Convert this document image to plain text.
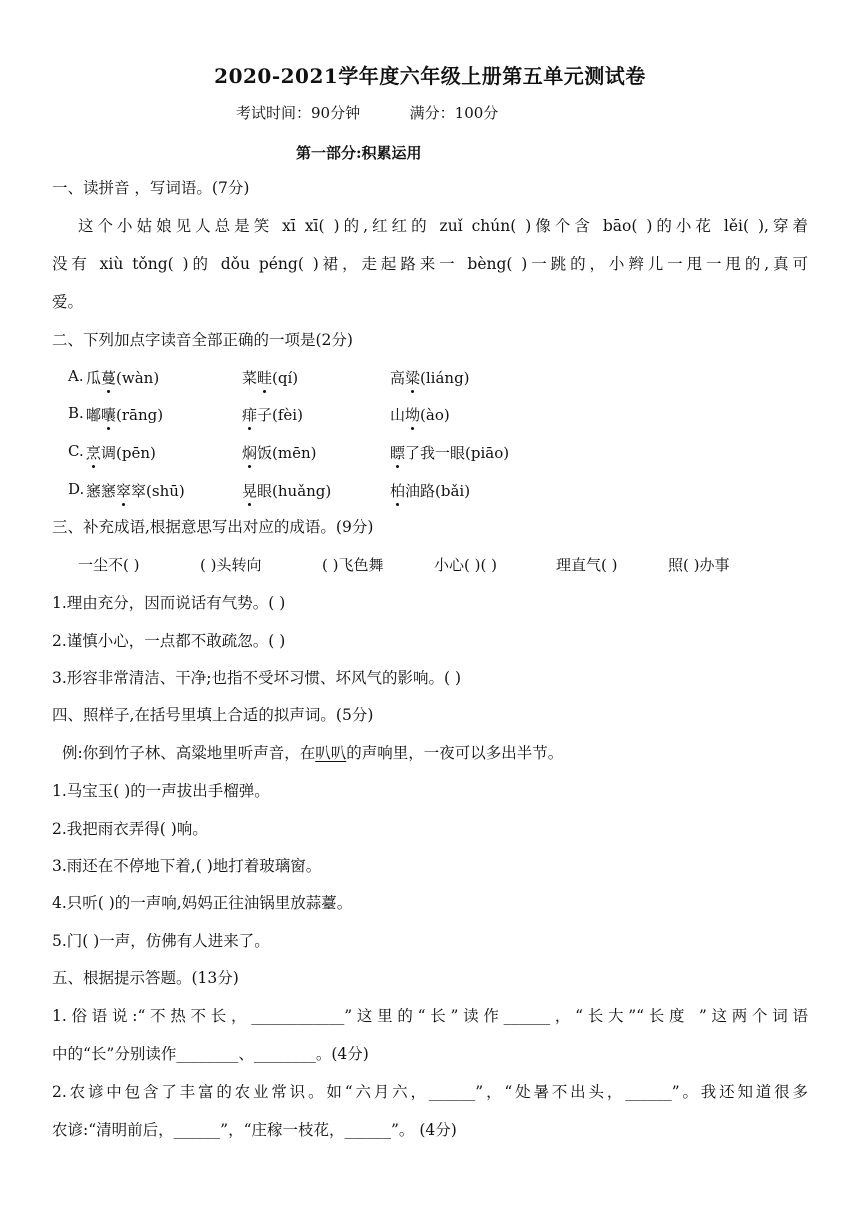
2020-2021学年度六年级上册第五单元测试卷
考试时间：90分钟	满分：100分
第一部分:积累运用
一、读拼音 ，写词语。(7分)
这个小姑娘见人总是笑 xī xī( )的,红红的 zuǐ chún( )像个含 bāo( )的小花 lěi( ),穿着
没有 xiù tǒng( )的 dǒu péng( )裙，走起路来一 bèng( )一跳的，小辫儿一甩一甩的,真可
爱。
二、下列加点字读音全部正确的一项是(2分)
A. 瓜蔓(wàn)	菜畦(qí)	高粱(liáng)
B. 嘟囔(rāng)	痱子(fèi)	山坳(ào)
C. 烹调(pēn)	焖饭(mēn)	瞟了我一眼(piāo)
D. 窸窸窣窣(shū)	晃眼(huǎng)	柏油路(bǎi)
三、补充成语,根据意思写出对应的成语。(9分)
一尘不( )	( )头转向	( )飞色舞	小心( )( )	理直气( )	照( )办事
1.理由充分，因而说话有气势。( )
2.谨慎小心，一点都不敢疏忽。( )
3.形容非常清洁、干净;也指不受坏习惯、坏风气的影响。( )
四、照样子,在括号里填上合适的拟声词。(5分)
例:你到竹子林、高粱地里听声音，在叭叭的声响里，一夜可以多出半节。
1.马宝玉( )的一声拔出手榴弹。
2.我把雨衣弄得( )响。
3.雨还在不停地下着,( )地打着玻璃窗。
4.只听( )的一声响,妈妈正往油锅里放蒜薹。
5.门( )一声，仿佛有人进来了。
五、根据提示答题。(13分)
1.俗语说:“不热不长，____________”这里的“长”读作______，“长大”“长度 ”这两个词语
中的“长”分别读作________、________。(4分)
2.农谚中包含了丰富的农业常识。如“六月六，______”，“处暑不出头，______”。我还知道很多
农谚:“清明前后，______”，“庄稼一枝花，______”。 (4分)
